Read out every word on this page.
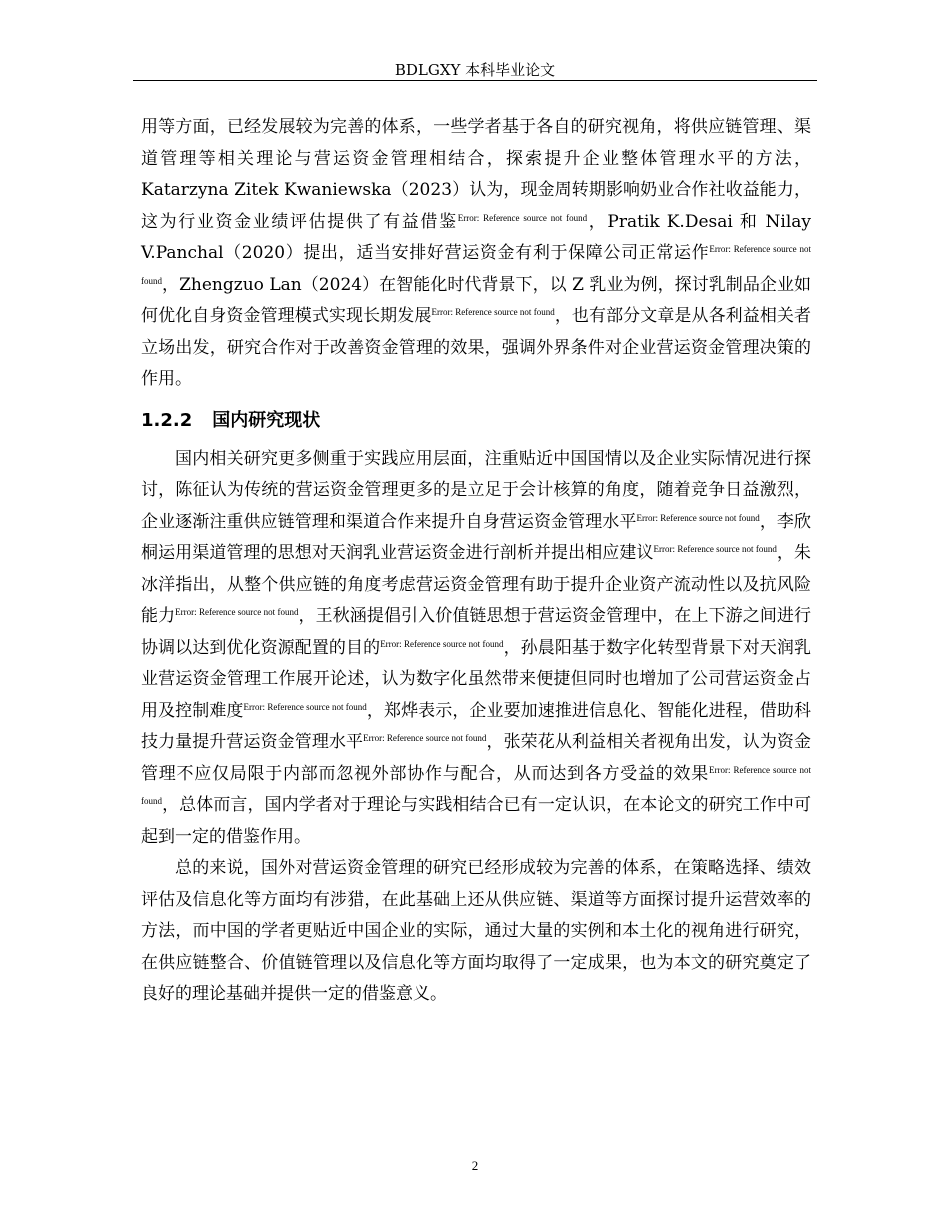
BDLGXY 本科毕业论文

用等方面，已经发展较为完善的体系，一些学者基于各自的研究视角，将供应链管理、渠道管理等相关理论与营运资金管理相结合，探索提升企业整体管理水平的方法，Katarzyna Zitek Kwaniewska（2023）认为，现金周转期影响奶业合作社收益能力，这为行业资金业绩评估提供了有益借鉴$^{Error: Reference source not found}$，Pratik K.Desai 和 Nilay V.Panchal（2020）提出，适当安排好营运资金有利于保障公司正常运作$^{Error: Reference source not found}$，Zhengzuo Lan（2024）在智能化时代背景下，以 Z 乳业为例，探讨乳制品企业如何优化自身资金管理模式实现长期发展$^{Error: Reference source not found}$，也有部分文章是从各利益相关者立场出发，研究合作对于改善资金管理的效果，强调外界条件对企业营运资金管理决策的作用。

1.2.2 国内研究现状

国内相关研究更多侧重于实践应用层面，注重贴近中国国情以及企业实际情况进行探讨，陈征认为传统的营运资金管理更多的是立足于会计核算的角度，随着竞争日益激烈，企业逐渐注重供应链管理和渠道合作来提升自身营运资金管理水平$^{Error: Reference source not found}$，李欣桐运用渠道管理的思想对天润乳业营运资金进行剖析并提出相应建议$^{Error: Reference source not found}$，朱冰洋指出，从整个供应链的角度考虑营运资金管理有助于提升企业资产流动性以及抗风险能力$^{Error: Reference source not found}$，王秋涵提倡引入价值链思想于营运资金管理中，在上下游之间进行协调以达到优化资源配置的目的$^{Error: Reference source not found}$，孙晨阳基于数字化转型背景下对天润乳业营运资金管理工作展开论述，认为数字化虽然带来便捷但同时也增加了公司营运资金占用及控制难度$^{Error: Reference source not found}$，郑烨表示，企业要加速推进信息化、智能化进程，借助科技力量提升营运资金管理水平$^{Error: Reference source not found}$，张荣花从利益相关者视角出发，认为资金管理不应仅局限于内部而忽视外部协作与配合，从而达到各方受益的效果$^{Error: Reference source not found}$，总体而言，国内学者对于理论与实践相结合已有一定认识，在本论文的研究工作中可起到一定的借鉴作用。

总的来说，国外对营运资金管理的研究已经形成较为完善的体系，在策略选择、绩效评估及信息化等方面均有涉猎，在此基础上还从供应链、渠道等方面探讨提升运营效率的方法，而中国的学者更贴近中国企业的实际，通过大量的实例和本土化的视角进行研究，在供应链整合、价值链管理以及信息化等方面均取得了一定成果，也为本文的研究奠定了良好的理论基础并提供一定的借鉴意义。

2
